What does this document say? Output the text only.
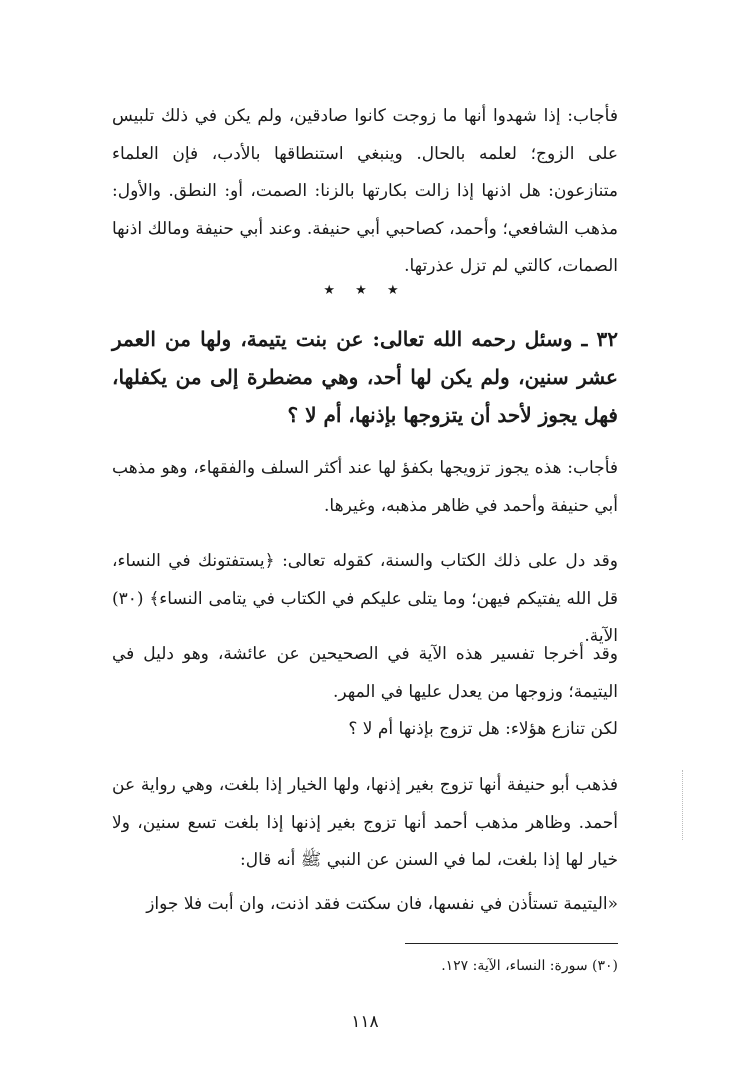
فأجاب: إذا شهدوا أنها ما زوجت كانوا صادقين، ولم يكن في ذلك تلبيس على الزوج؛ لعلمه بالحال. وينبغي استنطاقها بالأدب، فإن العلماء متنازعون: هل اذنها إذا زالت بكارتها بالزنا: الصمت، أو: النطق. والأول: مذهب الشافعي؛ وأحمد، كصاحبي أبي حنيفة. وعند أبي حنيفة ومالك اذنها الصمات، كالتي لم تزل عذرتها.

★ ★ ★

٣٢ ـ وسئل رحمه الله تعالى: عن بنت يتيمة، ولها من العمر عشر سنين، ولم يكن لها أحد، وهي مضطرة إلى من يكفلها، فهل يجوز لأحد أن يتزوجها بإذنها، أم لا ؟

فأجاب: هذه يجوز تزويجها بكفؤ لها عند أكثر السلف والفقهاء، وهو مذهب أبي حنيفة وأحمد في ظاهر مذهبه، وغيرها.

وقد دل على ذلك الكتاب والسنة، كقوله تعالى: ﴿يستفتونك في النساء، قل الله يفتيكم فيهن؛ وما يتلى عليكم في الكتاب في يتامى النساء﴾ (٣٠) الآية.

وقد أخرجا تفسير هذه الآية في الصحيحين عن عائشة، وهو دليل في اليتيمة؛ وزوجها من يعدل عليها في المهر.

لكن تنازع هؤلاء: هل تزوج بإذنها أم لا ؟

فذهب أبو حنيفة أنها تزوج بغير إذنها، ولها الخيار إذا بلغت، وهي رواية عن أحمد. وظاهر مذهب أحمد أنها تزوج بغير إذنها إذا بلغت تسع سنين، ولا خيار لها إذا بلغت، لما في السنن عن النبي ﷺ أنه قال:

«اليتيمة تستأذن في نفسها، فان سكتت فقد اذنت، وان أبت فلا جواز

(٣٠) سورة: النساء، الآية: ١٢٧.
١١٨
